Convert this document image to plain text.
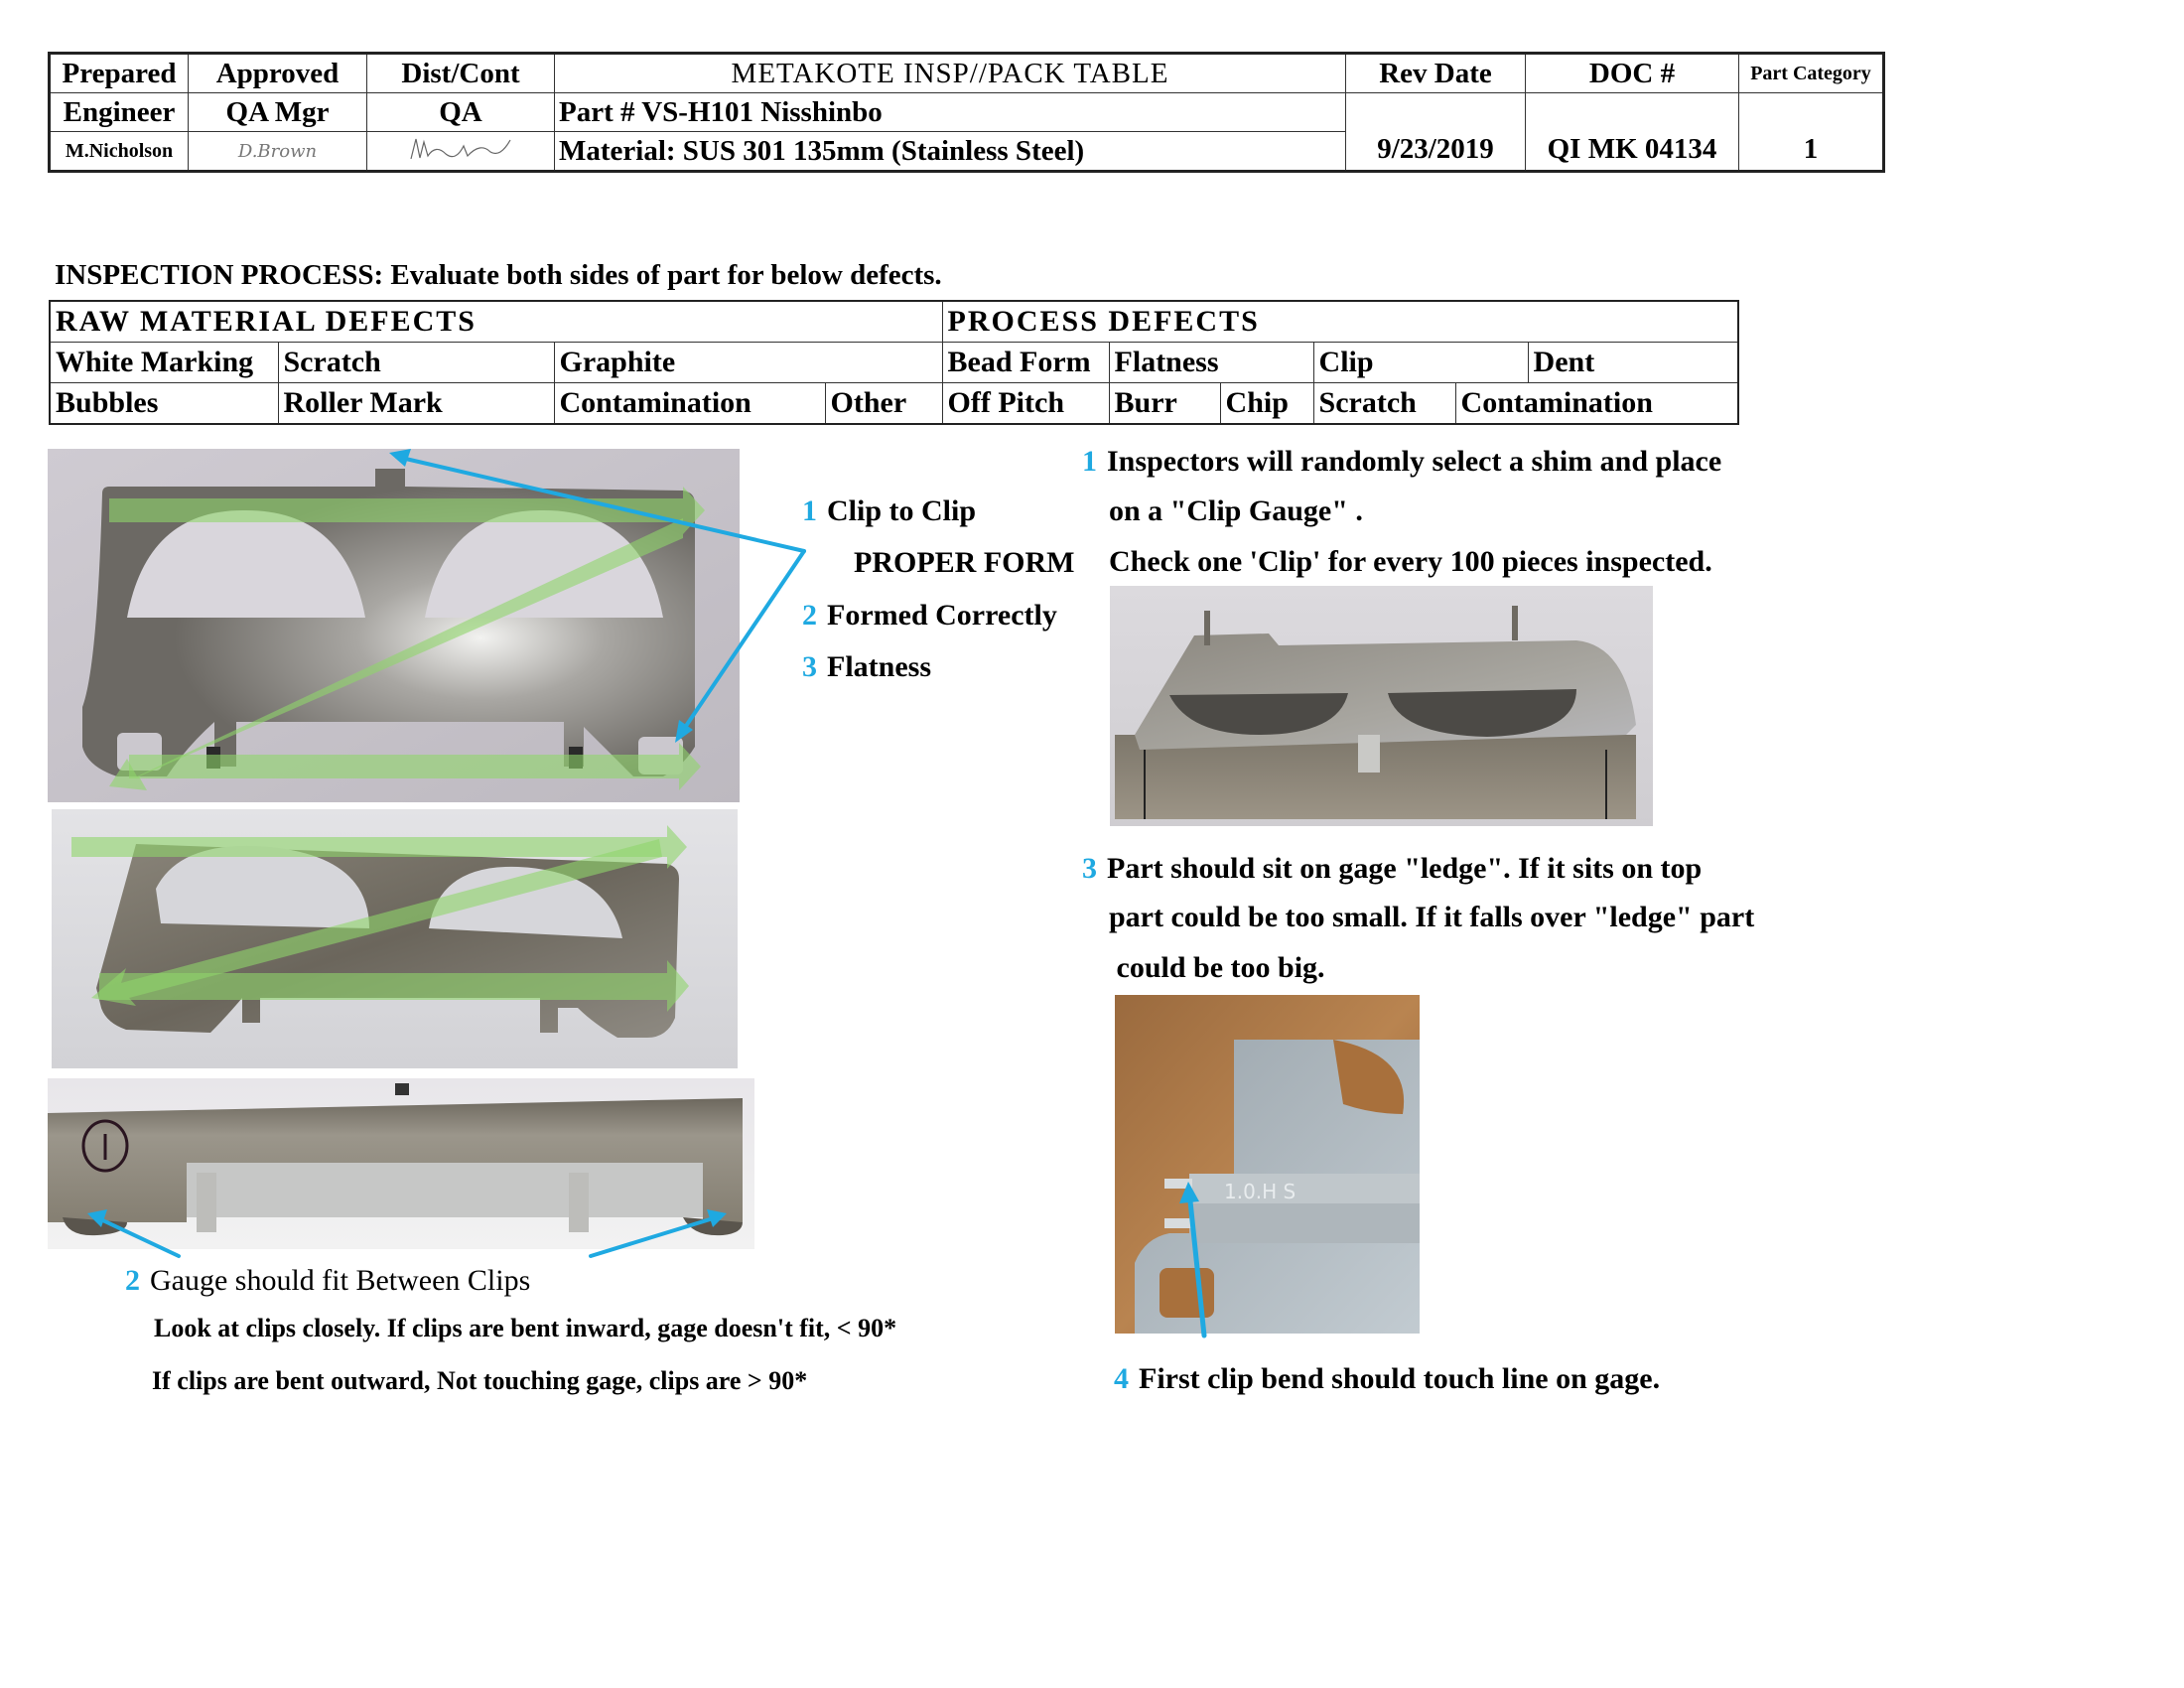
Prepared	Approved	Dist/Cont	METAKOTE INSP//PACK TABLE	Rev Date	DOC #	Part Category
Engineer	QA Mgr	QA	Part # VS-H101 Nisshinbo	9/23/2019	QI MK 04134	1
M.Nicholson	D.Brown		Material: SUS 301 135mm (Stainless Steel)			
INSPECTION PROCESS: Evaluate both sides of part for below defects.
RAW MATERIAL DEFECTS				PROCESS DEFECTS					
White Marking	Scratch	Graphite		Bead Form	Flatness		Clip		Dent
Bubbles	Roller Mark	Contamination	Other	Off Pitch	Burr	Chip	Scratch	Contamination	
1.0.H S
1 Clip to Clip
PROPER FORM
2 Formed Correctly
3 Flatness
1 Inspectors will randomly select a shim and place
on a "Clip Gauge" .
Check one 'Clip' for every 100 pieces inspected.
3 Part should sit on gage "ledge". If it sits on top
part could be too small. If it falls over "ledge" part
could be too big.
4 First clip bend should touch line on gage.
2 Gauge should fit Between Clips
Look at clips closely. If clips are bent inward, gage doesn't fit, < 90*
If clips are bent outward, Not touching gage, clips are > 90*
